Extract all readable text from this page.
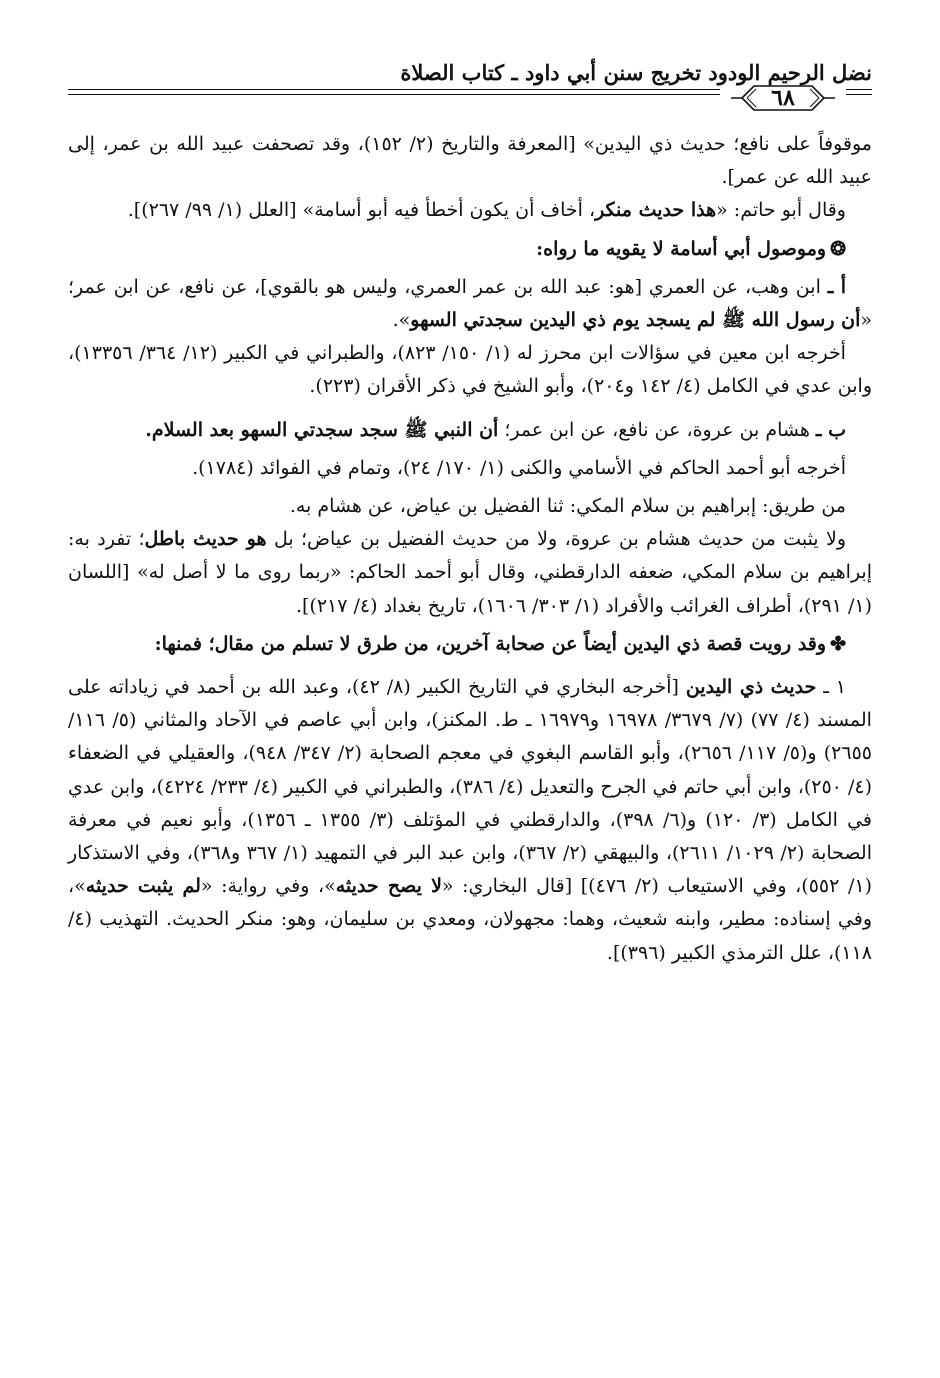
نضل الرحيم الودود تخريج سنن أبي داود ـ كتاب الصلاة
٦٨

موقوفاً على نافع؛ حديث ذي اليدين» [المعرفة والتاريخ (٢/ ١٥٢)، وقد تصحفت عبيد الله بن عمر، إلى عبيد الله عن عمر].

وقال أبو حاتم: «هذا حديث منكر، أخاف أن يكون أخطأ فيه أبو أسامة» [العلل (١/ ٩٩/ ٢٦٧)].

❂وموصول أبي أسامة لا يقويه ما رواه:

أ ـ ابن وهب، عن العمري [هو: عبد الله بن عمر العمري، وليس هو بالقوي]، عن نافع، عن ابن عمر؛ «أن رسول الله ﷺ لم يسجد يوم ذي اليدين سجدتي السهو».

أخرجه ابن معين في سؤالات ابن محرز له (١/ ١٥٠/ ٨٢٣)، والطبراني في الكبير (١٢/ ٣٦٤/ ١٣٣٥٦)، وابن عدي في الكامل (٤/ ١٤٢ و٢٠٤)، وأبو الشيخ في ذكر الأقران (٢٢٣).

ب ـ هشام بن عروة، عن نافع، عن ابن عمر؛ أن النبي ﷺ سجد سجدتي السهو بعد السلام.

أخرجه أبو أحمد الحاكم في الأسامي والكنى (١/ ١٧٠/ ٢٤)، وتمام في الفوائد (١٧٨٤).

من طريق: إبراهيم بن سلام المكي: ثنا الفضيل بن عياض، عن هشام به.

ولا يثبت من حديث هشام بن عروة، ولا من حديث الفضيل بن عياض؛ بل هو حديث باطل؛ تفرد به: إبراهيم بن سلام المكي، ضعفه الدارقطني، وقال أبو أحمد الحاكم: «ربما روى ما لا أصل له» [اللسان (١/ ٢٩١)، أطراف الغرائب والأفراد (١/ ٣٠٣/ ١٦٠٦)، تاريخ بغداد (٤/ ٢١٧)].

✤وقد رويت قصة ذي اليدين أيضاً عن صحابة آخرين، من طرق لا تسلم من مقال؛ فمنها:

١ ـ حديث ذي اليدين [أخرجه البخاري في التاريخ الكبير (٨/ ٤٢)، وعبد الله بن أحمد في زياداته على المسند (٤/ ٧٧) (٧/ ٣٦٧٩/ ١٦٩٧٨ و١٦٩٧٩ ـ ط. المكنز)، وابن أبي عاصم في الآحاد والمثاني (٥/ ١١٦/ ٢٦٥٥) و(٥/ ١١٧/ ٢٦٥٦)، وأبو القاسم البغوي في معجم الصحابة (٢/ ٣٤٧/ ٩٤٨)، والعقيلي في الضعفاء (٤/ ٢٥٠)، وابن أبي حاتم في الجرح والتعديل (٤/ ٣٨٦)، والطبراني في الكبير (٤/ ٢٣٣/ ٤٢٢٤)، وابن عدي في الكامل (٣/ ١٢٠) و(٦/ ٣٩٨)، والدارقطني في المؤتلف (٣/ ١٣٥٥ ـ ١٣٥٦)، وأبو نعيم في معرفة الصحابة (٢/ ١٠٢٩/ ٢٦١١)، والبيهقي (٢/ ٣٦٧)، وابن عبد البر في التمهيد (١/ ٣٦٧ و٣٦٨)، وفي الاستذكار (١/ ٥٥٢)، وفي الاستيعاب (٢/ ٤٧٦)] [قال البخاري: «لا يصح حديثه»، وفي رواية: «لم يثبت حديثه»، وفي إسناده: مطير، وابنه شعيث، وهما: مجهولان، ومعدي بن سليمان، وهو: منكر الحديث. التهذيب (٤/ ١١٨)، علل الترمذي الكبير (٣٩٦)].
